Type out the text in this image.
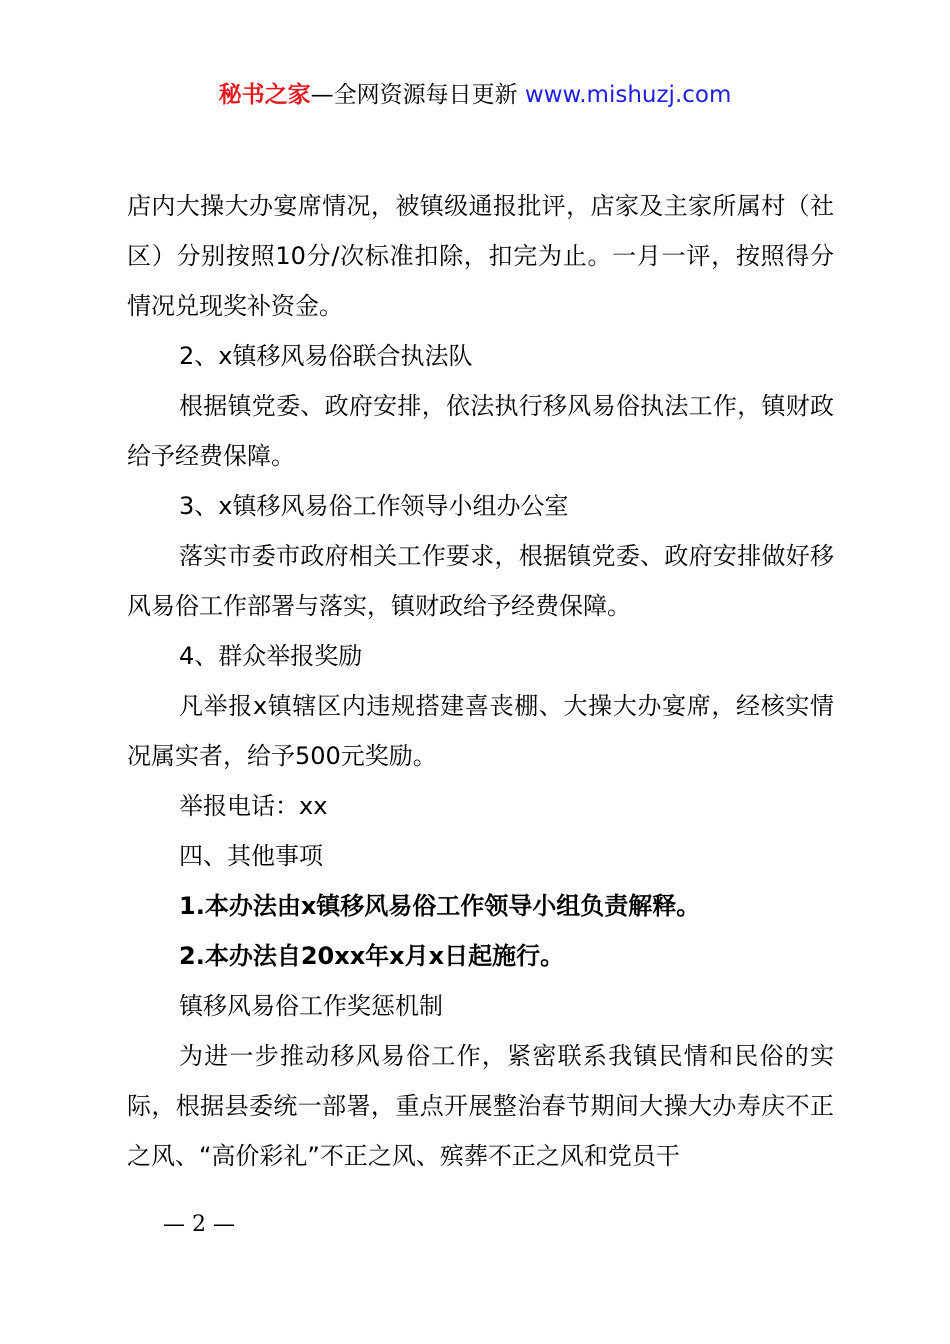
秘书之家—全网资源每日更新 www.mishuzj.com

店内大操大办宴席情况，被镇级通报批评，店家及主家所属村（社区）分别按照10分/次标准扣除，扣完为止。一月一评，按照得分情况兑现奖补资金。

2、x镇移风易俗联合执法队

根据镇党委、政府安排，依法执行移风易俗执法工作，镇财政给予经费保障。

3、x镇移风易俗工作领导小组办公室

落实市委市政府相关工作要求，根据镇党委、政府安排做好移风易俗工作部署与落实，镇财政给予经费保障。

4、群众举报奖励

凡举报x镇辖区内违规搭建喜丧棚、大操大办宴席，经核实情况属实者，给予500元奖励。

举报电话：xx

四、其他事项

1.本办法由x镇移风易俗工作领导小组负责解释。

2.本办法自20xx年x月x日起施行。

镇移风易俗工作奖惩机制

为进一步推动移风易俗工作，紧密联系我镇民情和民俗的实际，根据县委统一部署，重点开展整治春节期间大操大办寿庆不正之风、“高价彩礼”不正之风、殡葬不正之风和党员干

— 2 —
